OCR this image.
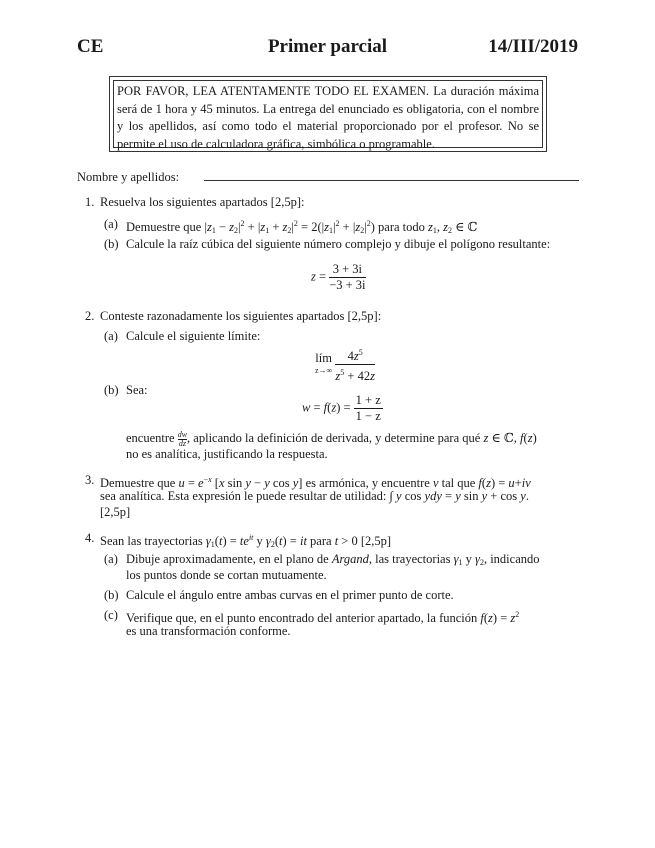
Primer parcial
CE	14/III/2019
POR FAVOR, LEA ATENTAMENTE TODO EL EXAMEN. La duración máxima será de 1 hora y 45 minutos. La entrega del enunciado es obligatoria, con el nombre y los apellidos, así como todo el material proporcionado por el profesor. No se permite el uso de calculadora gráfica, simbólica o programable.
Nombre y apellidos:
1. Resuelva los siguientes apartados [2,5p]:
(a) Demuestre que $|z_1 - z_2|^2 + |z_1 + z_2|^2 = 2(|z_1|^2 + |z_2|^2)$ para todo $z_1$, $z_2$ ∈ ℂ
(b) Calcule la raíz cúbica del siguiente número complejo y dibuje el polígono resultante:
$z = \frac{3 + 3i}{-3 + 3i}$
2. Conteste razonadamente los siguientes apartados [2,5p]:
(a) Calcule el siguiente límite:
lím
$z\to\infty \frac{4z^5}{z^5 + 42z}$
(b) Sea:
$w = f(z) = \frac{1 + z}{1 - z}$
encuentre $\frac{dw}{dz}$, aplicando la definición de derivada, y determine para qué z ∈ ℂ, f(z)
no es analítica, justificando la respuesta.
3. Demuestre que $u = e^{-x}$ [x sin y − y cos y] es armónica, y encuentre v tal que f(z) = u+iv
sea analítica. Esta expresión le puede resultar de utilidad: ∫ y cos ydy = y sin y + cos y.
[2,5p]
4. Sean las trayectorias $\gamma_1(t) = te^{it}$ y $\gamma_2(t)$ = it para t > 0 [2,5p]
(a) Dibuje aproximadamente, en el plano de Argand, las trayectorias $\gamma_1$ y $\gamma_2$, indicando
los puntos donde se cortan mutuamente.
(b) Calcule el ángulo entre ambas curvas en el primer punto de corte.
(c) Verifique que, en el punto encontrado del anterior apartado, la función $f(z) = z^2$
es una transformación conforme.
